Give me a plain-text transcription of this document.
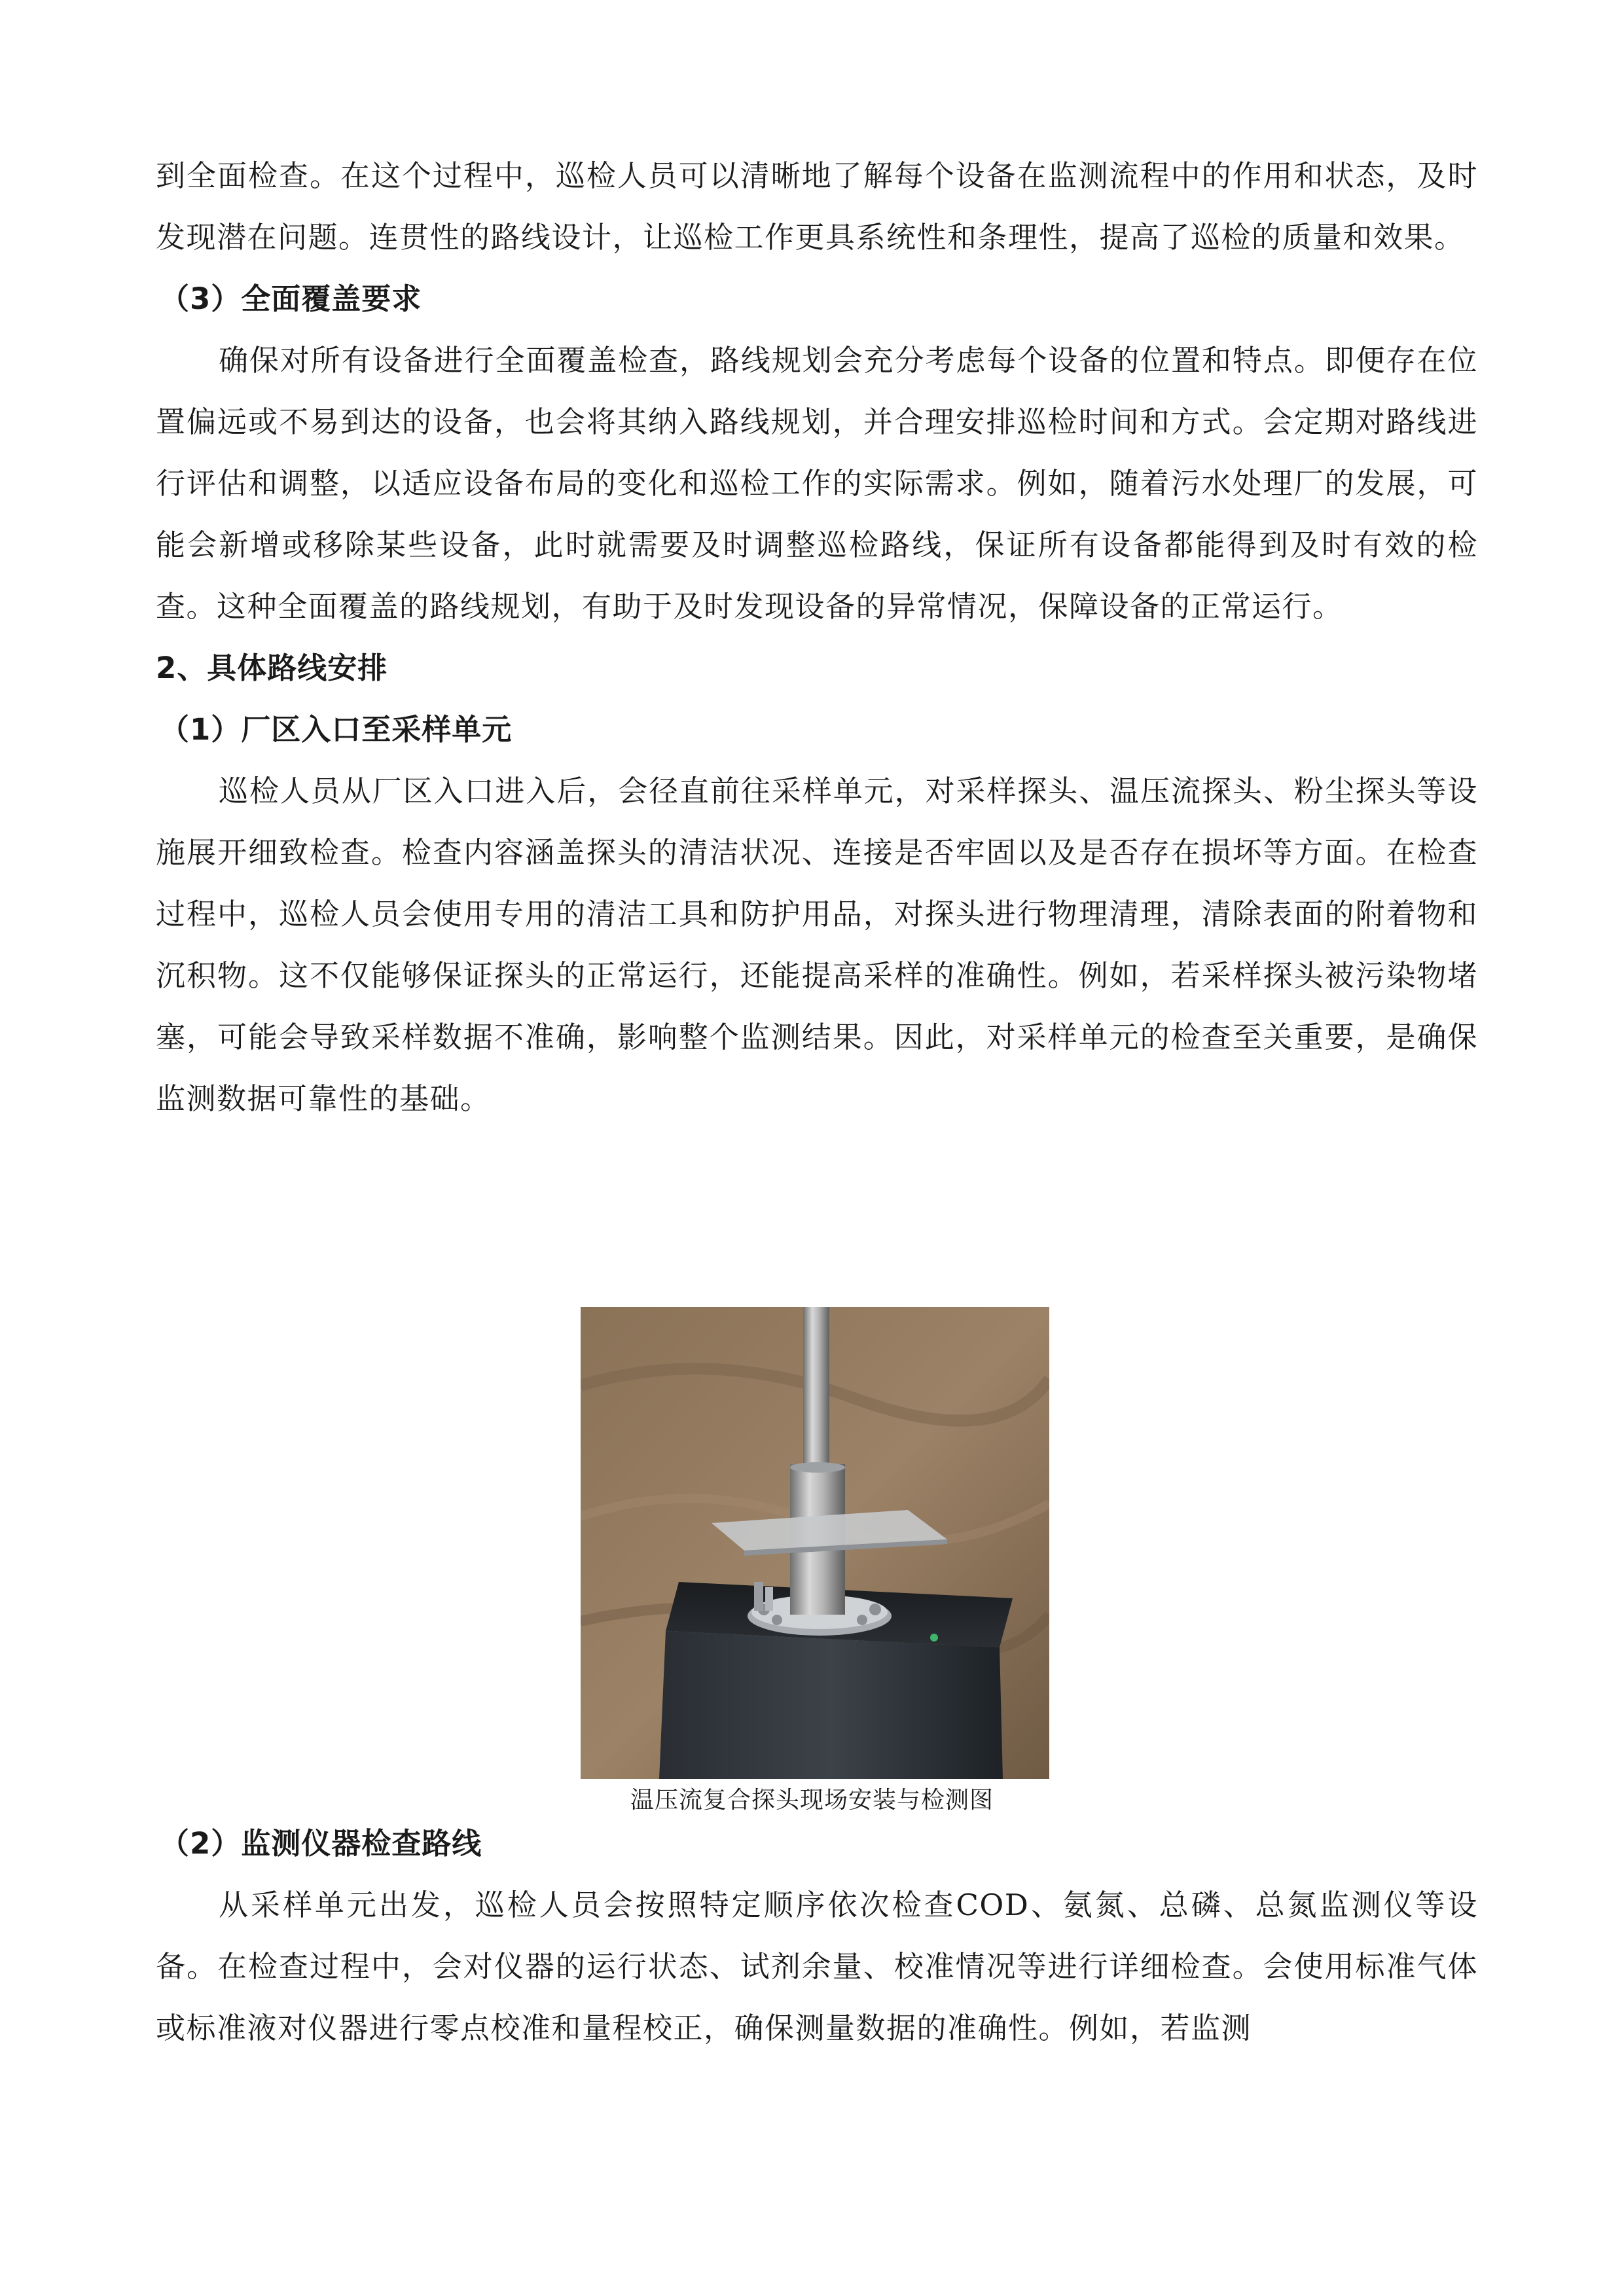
到全面检查。在这个过程中，巡检人员可以清晰地了解每个设备在监测流程中的作用和状态，及时发现潜在问题。连贯性的路线设计，让巡检工作更具系统性和条理性，提高了巡检的质量和效果。

（3）全面覆盖要求

确保对所有设备进行全面覆盖检查，路线规划会充分考虑每个设备的位置和特点。即便存在位置偏远或不易到达的设备，也会将其纳入路线规划，并合理安排巡检时间和方式。会定期对路线进行评估和调整，以适应设备布局的变化和巡检工作的实际需求。例如，随着污水处理厂的发展，可能会新增或移除某些设备，此时就需要及时调整巡检路线，保证所有设备都能得到及时有效的检查。这种全面覆盖的路线规划，有助于及时发现设备的异常情况，保障设备的正常运行。

2、具体路线安排
（1）厂区入口至采样单元

巡检人员从厂区入口进入后，会径直前往采样单元，对采样探头、温压流探头、粉尘探头等设施展开细致检查。检查内容涵盖探头的清洁状况、连接是否牢固以及是否存在损坏等方面。在检查过程中，巡检人员会使用专用的清洁工具和防护用品，对探头进行物理清理，清除表面的附着物和沉积物。这不仅能够保证探头的正常运行，还能提高采样的准确性。例如，若采样探头被污染物堵塞，可能会导致采样数据不准确，影响整个监测结果。因此，对采样单元的检查至关重要，是确保监测数据可靠性的基础。

温压流复合探头现场安装与检测图
（2）监测仪器检查路线

从采样单元出发，巡检人员会按照特定顺序依次检查COD、氨氮、总磷、总氮监测仪等设备。在检查过程中，会对仪器的运行状态、试剂余量、校准情况等进行详细检查。会使用标准气体或标准液对仪器进行零点校准和量程校正，确保测量数据的准确性。例如，若监测
